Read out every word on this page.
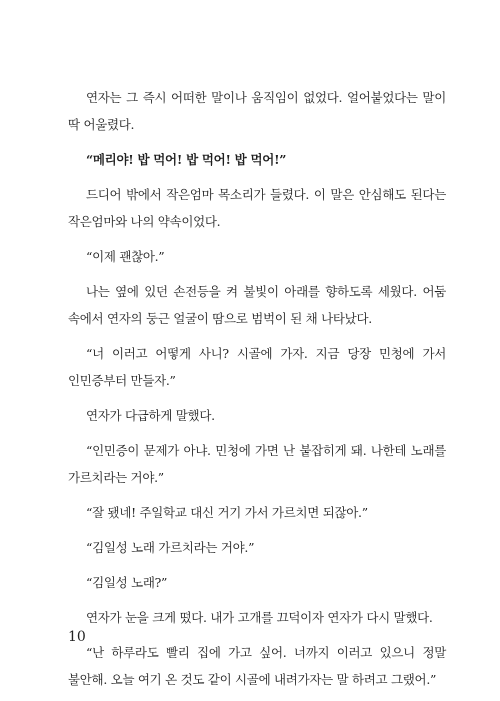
연자는 그 즉시 어떠한 말이나 움직임이 없었다. 얼어붙었다는 말이 딱 어울렸다.

“메리야! 밥 먹어! 밥 먹어! 밥 먹어!”

드디어 밖에서 작은엄마 목소리가 들렸다. 이 말은 안심해도 된다는 작은엄마와 나의 약속이었다.

“이제 괜찮아.”

나는 옆에 있던 손전등을 켜 불빛이 아래를 향하도록 세웠다. 어둠 속에서 연자의 둥근 얼굴이 땀으로 범벅이 된 채 나타났다.

“너 이러고 어떻게 사니? 시골에 가자. 지금 당장 민청에 가서 인민증부터 만들자.”

연자가 다급하게 말했다.

“인민증이 문제가 아냐. 민청에 가면 난 붙잡히게 돼. 나한테 노래를 가르치라는 거야.”

“잘 됐네! 주일학교 대신 거기 가서 가르치면 되잖아.”

“김일성 노래 가르치라는 거야.”

“김일성 노래?”

연자가 눈을 크게 떴다. 내가 고개를 끄덕이자 연자가 다시 말했다.

“난 하루라도 빨리 집에 가고 싶어. 너까지 이러고 있으니 정말 불안해. 오늘 여기 온 것도 같이 시골에 내려가자는 말 하려고 그랬어.”

10
